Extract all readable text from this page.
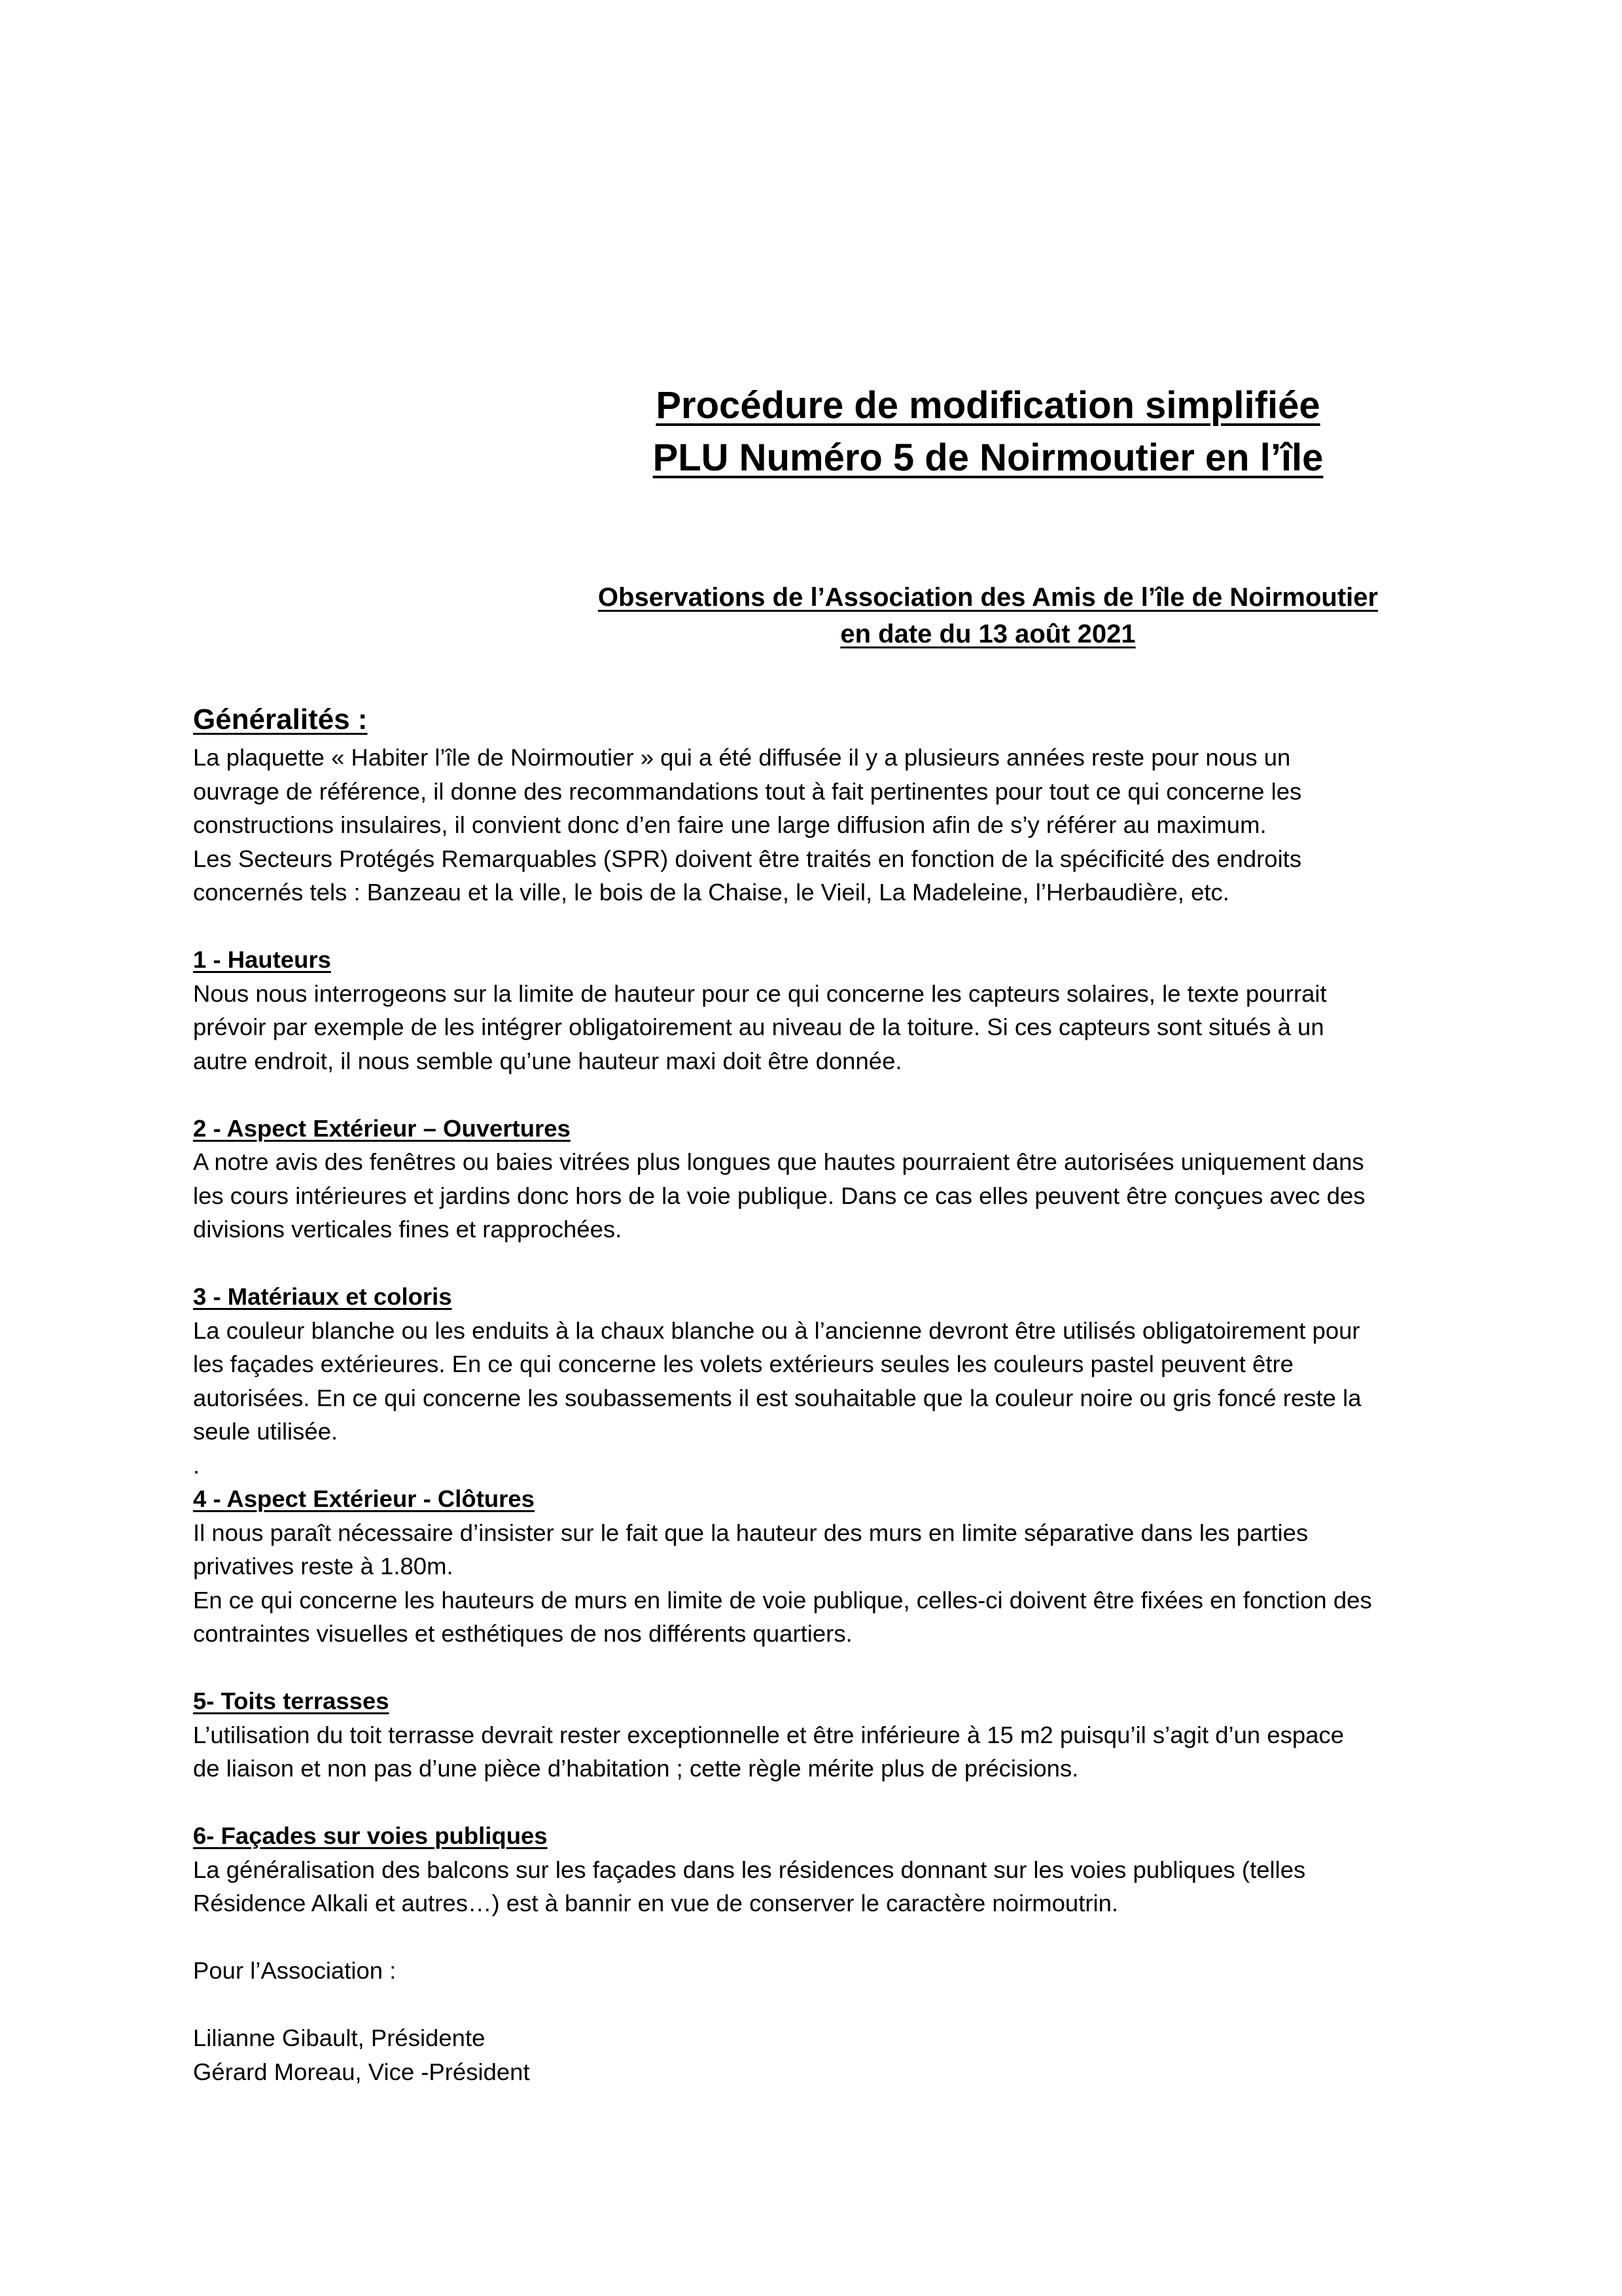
Procédure de modification simplifiée
PLU Numéro 5 de Noirmoutier en l’île
Observations de l’Association des Amis de l’île de Noirmoutier
en date du 13 août 2021
Généralités :

La plaquette « Habiter l’île de Noirmoutier » qui a été diffusée il y a plusieurs années reste pour nous un

ouvrage de référence, il donne des recommandations tout à fait pertinentes pour tout ce qui concerne les

constructions insulaires, il convient donc d’en faire une large diffusion afin de s’y référer au maximum.

Les Secteurs Protégés Remarquables (SPR) doivent être traités en fonction de la spécificité des endroits

concernés tels : Banzeau et la ville, le bois de la Chaise, le Vieil, La Madeleine, l’Herbaudière, etc.

1 - Hauteurs

Nous nous interrogeons sur la limite de hauteur pour ce qui concerne les capteurs solaires, le texte pourrait

prévoir par exemple de les intégrer obligatoirement au niveau de la toiture. Si ces capteurs sont situés à un

autre endroit, il nous semble qu’une hauteur maxi doit être donnée.

2 - Aspect Extérieur – Ouvertures

A notre avis des fenêtres ou baies vitrées plus longues que hautes pourraient être autorisées uniquement dans

les cours intérieures et jardins donc hors de la voie publique. Dans ce cas elles peuvent être conçues avec des

divisions verticales fines et rapprochées.

3 - Matériaux et coloris

La couleur blanche ou les enduits à la chaux blanche ou à l’ancienne devront être utilisés obligatoirement pour

les façades extérieures. En ce qui concerne les volets extérieurs seules les couleurs pastel peuvent être

autorisées. En ce qui concerne les soubassements il est souhaitable que la couleur noire ou gris foncé reste la

seule utilisée.

.

4 - Aspect Extérieur - Clôtures

Il nous paraît nécessaire d’insister sur le fait que la hauteur des murs en limite séparative dans les parties

privatives reste à 1.80m.

En ce qui concerne les hauteurs de murs en limite de voie publique, celles-ci doivent être fixées en fonction des

contraintes visuelles et esthétiques de nos différents quartiers.

5- Toits terrasses

L’utilisation du toit terrasse devrait rester exceptionnelle et être inférieure à 15 m2 puisqu’il s’agit d’un espace

de liaison et non pas d’une pièce d’habitation ; cette règle mérite plus de précisions.

6- Façades sur voies publiques

La généralisation des balcons sur les façades dans les résidences donnant sur les voies publiques (telles

Résidence Alkali et autres…) est à bannir en vue de conserver le caractère noirmoutrin.

Pour l’Association :

Lilianne Gibault, Présidente

Gérard Moreau, Vice -Président
